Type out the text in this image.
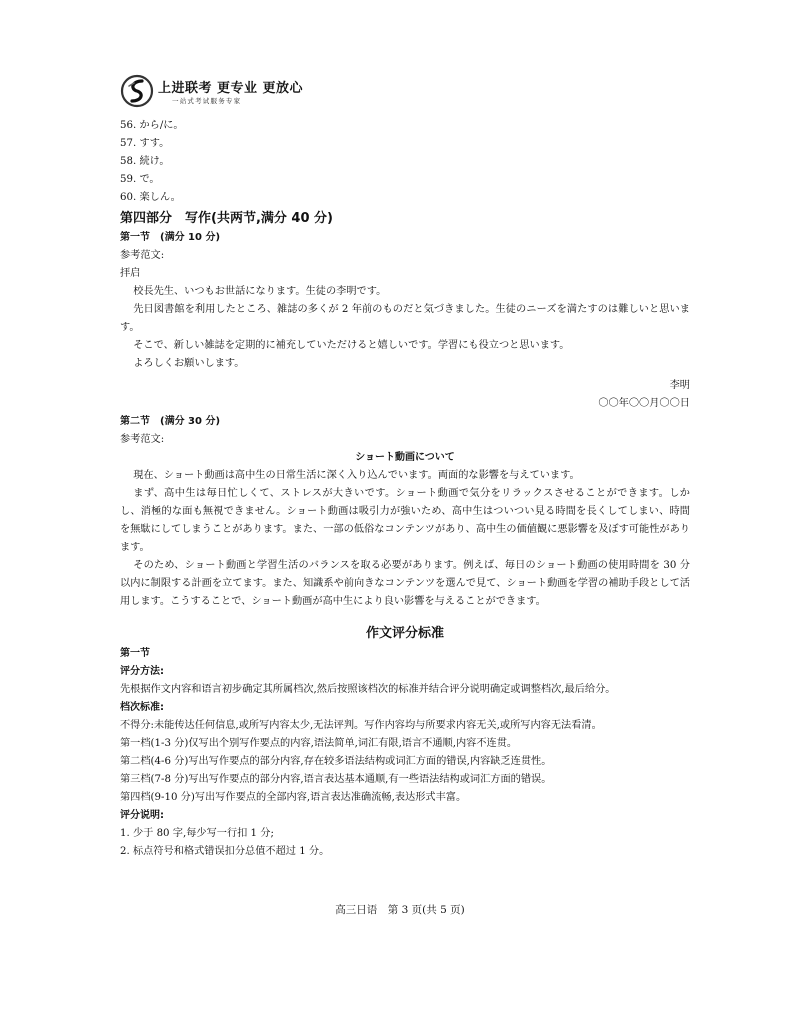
上进联考 更专业 更放心
一站式考试服务专家
56. から/に。
57. すす。
58. 続け。
59. で。
60. 楽しん。
第四部分　写作(共两节,满分 40 分)
第一节　(满分 10 分)
参考范文:
拝启
校長先生、いつもお世話になります。生徒の李明です。
先日図書館を利用したところ、雑誌の多くが 2 年前のものだと気づきました。生徒のニーズを満たすのは難しいと思います。
そこで、新しい雑誌を定期的に補充していただけると嬉しいです。学習にも役立つと思います。
よろしくお願いします。
李明
〇〇年〇〇月〇〇日
第二节　(满分 30 分)
参考范文:
ショート動画について
現在、ショート動画は高中生の日常生活に深く入り込んでいます。両面的な影響を与えています。
まず、高中生は毎日忙しくて、ストレスが大きいです。ショート動画で気分をリラックスさせることができます。しかし、消極的な面も無視できません。ショート動画は吸引力が強いため、高中生はついつい見る時間を長くしてしまい、時間を無駄にしてしまうことがあります。また、一部の低俗なコンテンツがあり、高中生の価値観に悪影響を及ぼす可能性があります。
そのため、ショート動画と学習生活のバランスを取る必要があります。例えば、毎日のショート動画の使用時間を 30 分以内に制限する計画を立てます。また、知識系や前向きなコンテンツを選んで見て、ショート動画を学習の補助手段として活用します。こうすることで、ショート動画が高中生により良い影響を与えることができます。
作文评分标准
第一节
评分方法:
先根据作文内容和语言初步确定其所属档次,然后按照该档次的标准并结合评分说明确定或调整档次,最后给分。
档次标准:
不得分:未能传达任何信息,或所写内容太少,无法评判。写作内容均与所要求内容无关,或所写内容无法看清。
第一档(1-3 分)仅写出个别写作要点的内容,语法简单,词汇有限,语言不通顺,内容不连贯。
第二档(4-6 分)写出写作要点的部分内容,存在较多语法结构或词汇方面的错误,内容缺乏连贯性。
第三档(7-8 分)写出写作要点的部分内容,语言表达基本通顺,有一些语法结构或词汇方面的错误。
第四档(9-10 分)写出写作要点的全部内容,语言表达准确流畅,表达形式丰富。
评分说明:
1. 少于 80 字,每少写一行扣 1 分;
2. 标点符号和格式错误扣分总值不超过 1 分。
高三日语　第 3 页(共 5 页)
